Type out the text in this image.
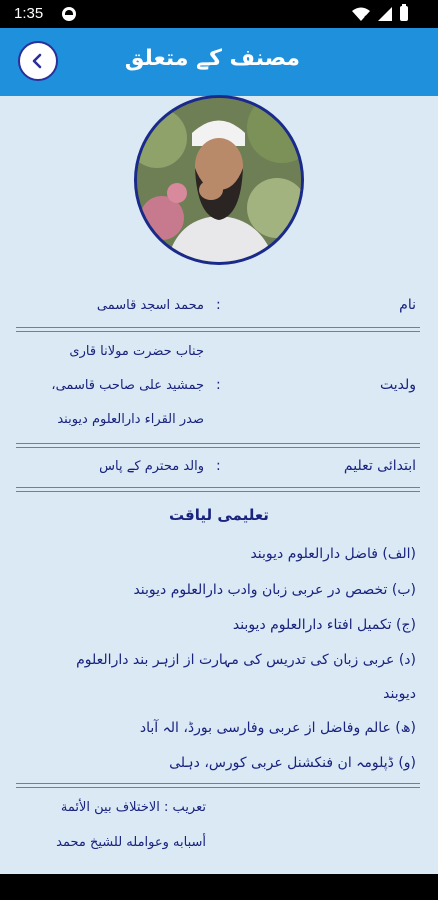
1:35
مصنف کے متعلق
نام
:
محمد اسجد قاسمی
ولدیت
:
جناب حضرت مولانا قاری
جمشید علی صاحب قاسمی،
صدر القراء دارالعلوم دیوبند
ابتدائی تعلیم
:
والد محترم کے پاس
تعلیمی لیاقت
(الف) فاضل دارالعلوم دیوبند
(ب) تخصص در عربی زبان وادب دارالعلوم دیوبند
(ج) تکمیل افتاء دارالعلوم دیوبند
(د) عربی زبان کی تدریس کی مہارت از ازہر بند دارالعلوم
دیوبند
(ھ) عالم وفاضل از عربی وفارسی بورڈ، الہ آباد
(و) ڈپلومہ ان فنکشنل عربی کورس، دہلی
تعریب : الاختلاف بین الأئمة
أسبابه وعوامله للشيخ محمد
